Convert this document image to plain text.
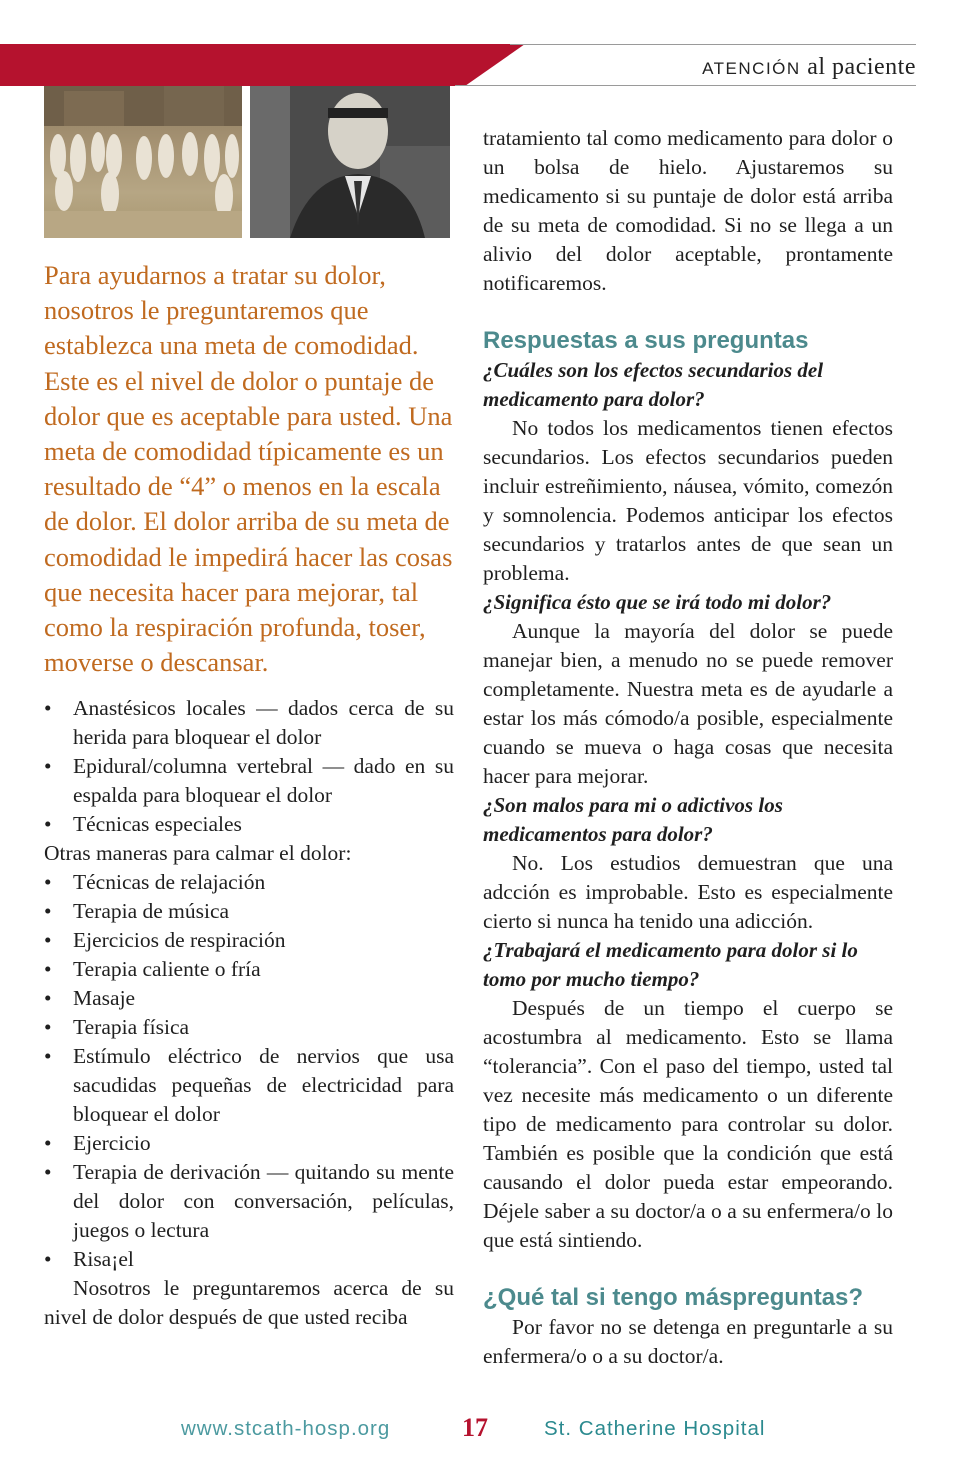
ATENCIÓN al paciente

Para ayudarnos a tratar su dolor, nosotros le preguntaremos que establezca una meta de comodidad. Este es el nivel de dolor o puntaje de dolor que es aceptable para usted. Una meta de comodidad típicamente es un resultado de “4” o menos en la escala de dolor. El dolor arriba de su meta de comodidad le impedirá hacer las cosas que necesita hacer para mejorar, tal como la respiración profunda, toser, moverse o descansar.

• Anastésicos locales — dados cerca de su herida para bloquear el dolor
• Epidural/columna vertebral — dado en su espalda para bloquear el dolor
• Técnicas especiales

Otras maneras para calmar el dolor:

• Técnicas de relajación
• Terapia de música
• Ejercicios de respiración
• Terapia caliente o fría
• Masaje
• Terapia física
• Estímulo eléctrico de nervios que usa sacudidas pequeñas de electricidad para bloquear el dolor
• Ejercicio
• Terapia de derivación — quitando su mente del dolor con conversación, películas, juegos o lectura
• Risa¡el

Nosotros le preguntaremos acerca de su nivel de dolor después de que usted reciba

tratamiento tal como medicamento para dolor o un bolsa de hielo. Ajustaremos su medicamento si su puntaje de dolor está arriba de su meta de comodidad. Si no se llega a un alivio del dolor aceptable, prontamente notificaremos.

Respuestas a sus preguntas

¿Cuáles son los efectos secundarios del medicamento para dolor?

No todos los medicamentos tienen efectos secundarios. Los efectos secundarios pueden incluir estreñimiento, náusea, vómito, comezón y somnolencia. Podemos anticipar los efectos secundarios y tratarlos antes de que sean un problema.

¿Significa ésto que se irá todo mi dolor?

Aunque la mayoría del dolor se puede manejar bien, a menudo no se puede remover completamente. Nuestra meta es de ayudarle a estar los más cómodo/a posible, especialmente cuando se mueva o haga cosas que necesita hacer para mejorar.

¿Son malos para mi o adictivos los medicamentos para dolor?

No. Los estudios demuestran que una adcción es improbable. Esto es especialmente cierto si nunca ha tenido una adicción.

¿Trabajará el medicamento para dolor si lo tomo por mucho tiempo?

Después de un tiempo el cuerpo se acostumbra al medicamento. Esto se llama “tolerancia”. Con el paso del tiempo, usted tal vez necesite más medicamento o un diferente tipo de medicamento para controlar su dolor. También es posible que la condición que está causando el dolor pueda estar empeorando. Déjele saber a su doctor/a o a su enfermera/o lo que está sintiendo.

¿Qué tal si tengo máspreguntas?

Por favor no se detenga en preguntarle a su enfermera/o o a su doctor/a.

www.stcath-hosp.org	17	St. Catherine Hospital
